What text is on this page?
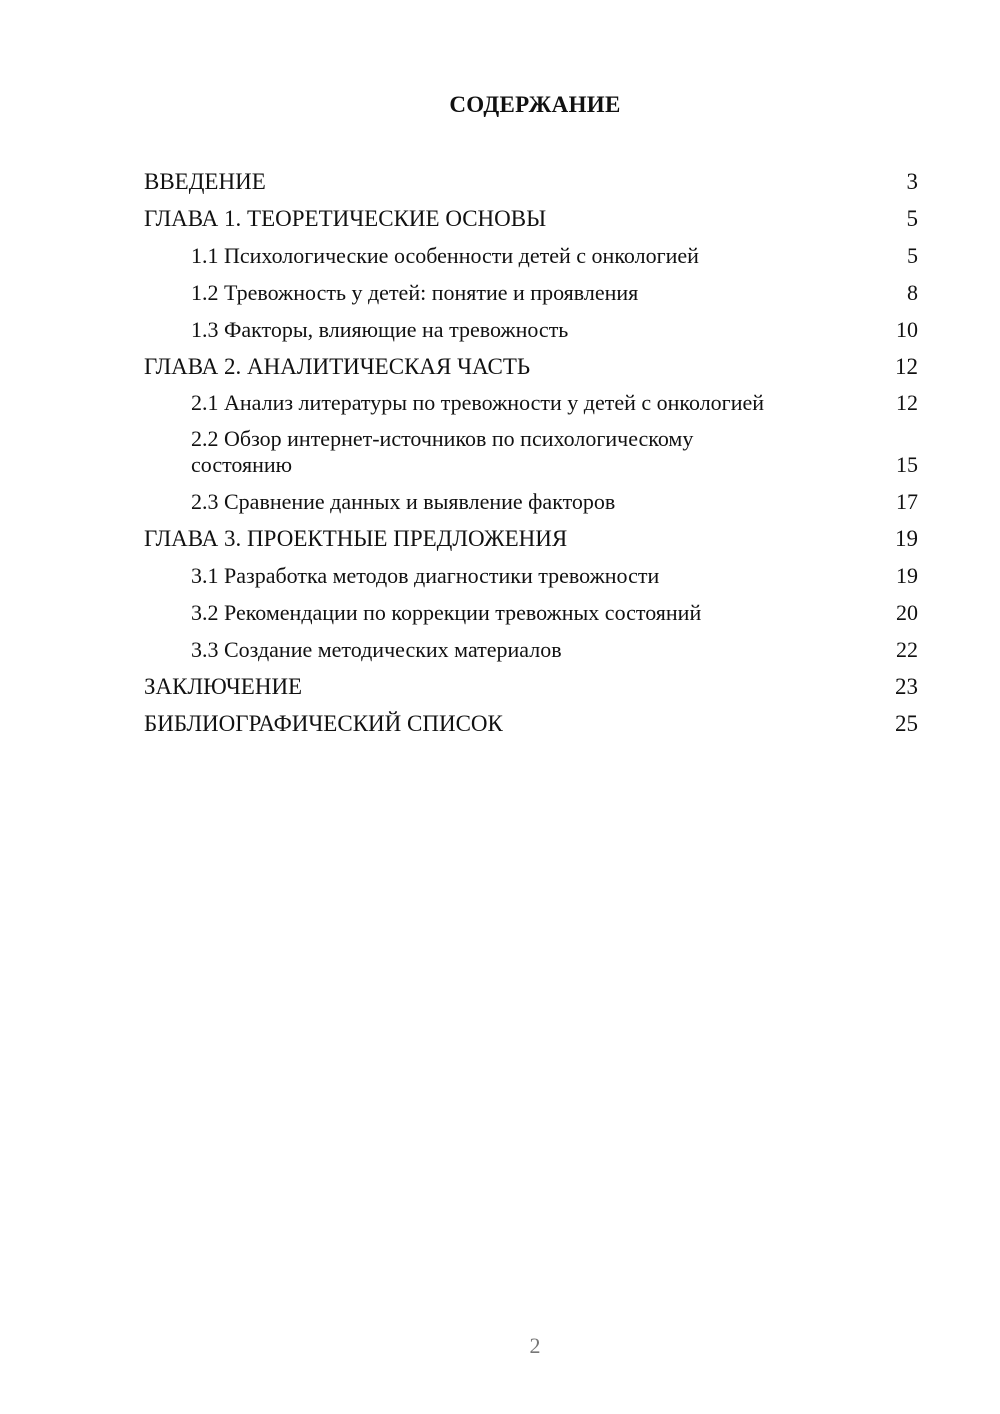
СОДЕРЖАНИЕ
ВВЕДЕНИЕ	3
ГЛАВА 1. ТЕОРЕТИЧЕСКИЕ ОСНОВЫ	5
1.1 Психологические особенности детей с онкологией	5
1.2 Тревожность у детей: понятие и проявления	8
1.3 Факторы, влияющие на тревожность	10
ГЛАВА 2. АНАЛИТИЧЕСКАЯ ЧАСТЬ	12
2.1 Анализ литературы по тревожности у детей с онкологией	12
2.2 Обзор интернет-источников по психологическому состоянию	15
2.3 Сравнение данных и выявление факторов	17
ГЛАВА 3. ПРОЕКТНЫЕ ПРЕДЛОЖЕНИЯ	19
3.1 Разработка методов диагностики тревожности	19
3.2 Рекомендации по коррекции тревожных состояний	20
3.3 Создание методических материалов	22
ЗАКЛЮЧЕНИЕ	23
БИБЛИОГРАФИЧЕСКИЙ СПИСОК	25
2
